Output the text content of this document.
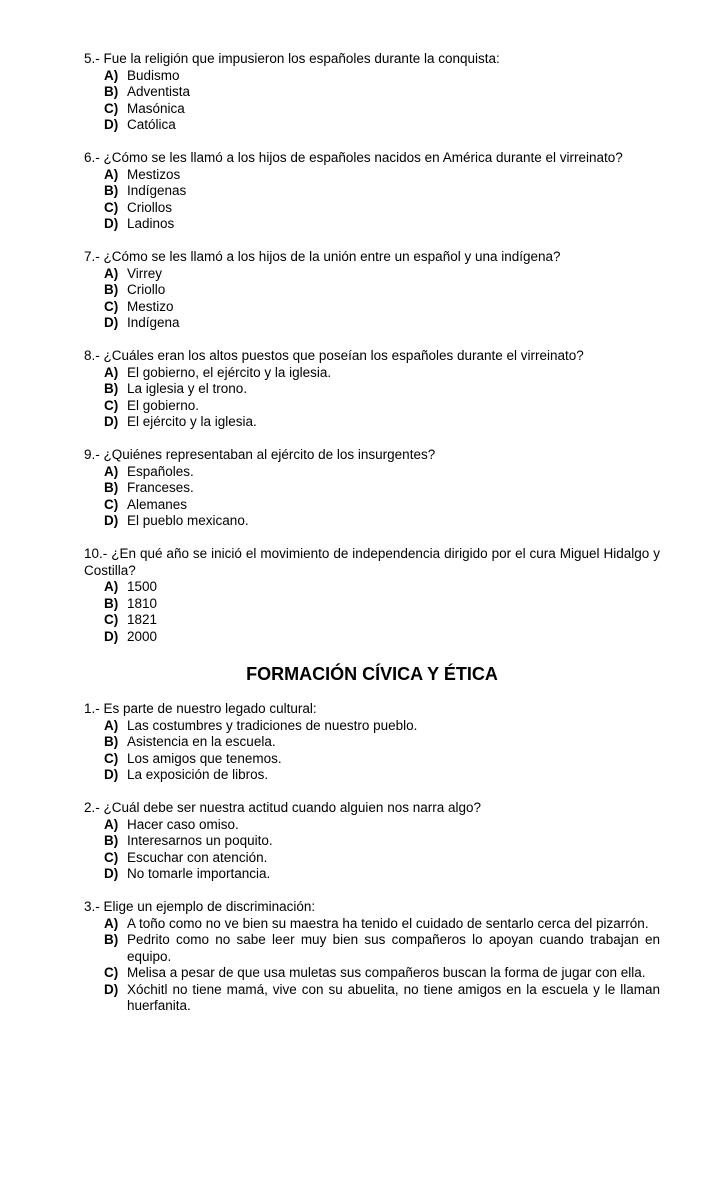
5.- Fue la religión que impusieron los españoles durante la conquista:

A) Budismo
B) Adventista
C) Masónica
D) Católica

6.- ¿Cómo se les llamó a los hijos de españoles nacidos en América durante el virreinato?

A) Mestizos
B) Indígenas
C) Criollos
D) Ladinos

7.- ¿Cómo se les llamó a los hijos de la unión entre un español y una indígena?

A) Virrey
B) Criollo
C) Mestizo
D) Indígena

8.- ¿Cuáles eran los altos puestos que poseían los españoles durante el virreinato?

A) El gobierno, el ejército y la iglesia.
B) La iglesia y el trono.
C) El gobierno.
D) El ejército y la iglesia.

9.- ¿Quiénes representaban al ejército de los insurgentes?

A) Españoles.
B) Franceses.
C) Alemanes
D) El pueblo mexicano.

10.- ¿En qué año se inició el movimiento de independencia dirigido por el cura Miguel Hidalgo y Costilla?

A) 1500
B) 1810
C) 1821
D) 2000
FORMACIÓN CÍVICA Y ÉTICA

1.- Es parte de nuestro legado cultural:

A) Las costumbres y tradiciones de nuestro pueblo.
B) Asistencia en la escuela.
C) Los amigos que tenemos.
D) La exposición de libros.

2.- ¿Cuál debe ser nuestra actitud cuando alguien nos narra algo?

A) Hacer caso omiso.
B) Interesarnos un poquito.
C) Escuchar con atención.
D) No tomarle importancia.

3.- Elige un ejemplo de discriminación:

A) A toño como no ve bien su maestra ha tenido el cuidado de sentarlo cerca del pizarrón.
B) Pedrito como no sabe leer muy bien sus compañeros lo apoyan cuando trabajan en equipo.
C) Melisa a pesar de que usa muletas sus compañeros buscan la forma de jugar con ella.
D) Xóchitl no tiene mamá, vive con su abuelita, no tiene amigos en la escuela y le llaman huerfanita.
